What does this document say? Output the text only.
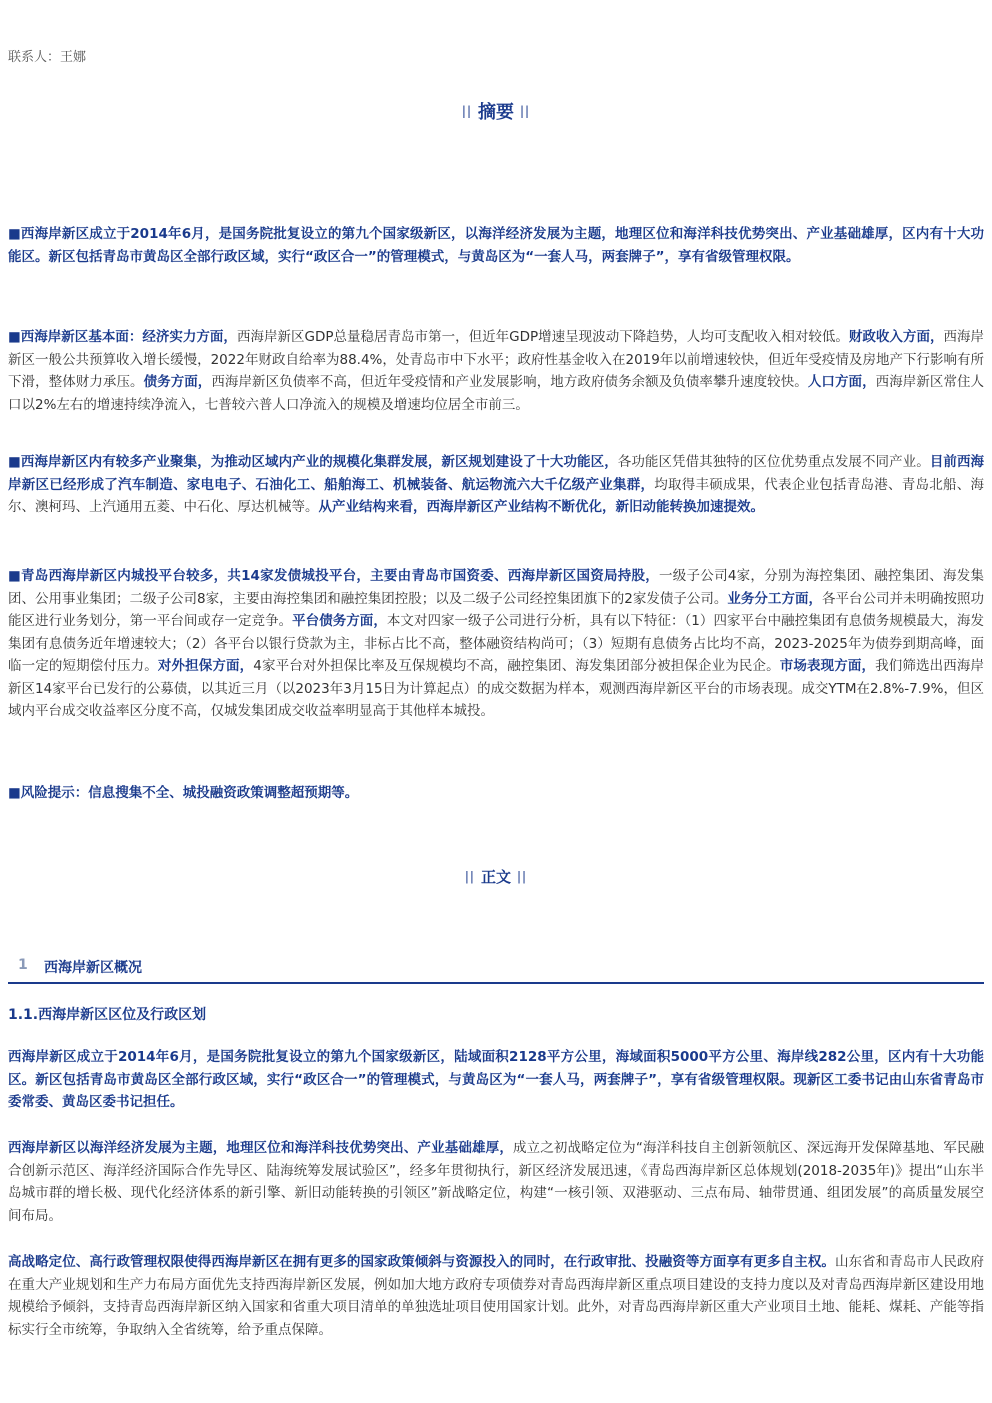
联系人：王娜
|​| 摘要 |​|

■西海岸新区成立于2014年6月，是国务院批复设立的第九个国家级新区，以海洋经济发展为主题，地理区位和海洋科技优势突出、产业基础雄厚，区内有十大功能区。新区包括青岛市黄岛区全部行政区域，实行“政区合一”的管理模式，与黄岛区为“一套人马，两套牌子”，享有省级管理权限。

■西海岸新区基本面：经济实力方面，西海岸新区GDP总量稳居青岛市第一，但近年GDP增速呈现波动下降趋势，人均可支配收入相对较低。财政收入方面，西海岸新区一般公共预算收入增长缓慢，2022年财政自给率为88.4%，处青岛市中下水平；政府性基金收入在2019年以前增速较快，但近年受疫情及房地产下行影响有所下滑，整体财力承压。债务方面，西海岸新区负债率不高，但近年受疫情和产业发展影响，地方政府债务余额及负债率攀升速度较快。人口方面，西海岸新区常住人口以2%左右的增速持续净流入，七普较六普人口净流入的规模及增速均位居全市前三。

■西海岸新区内有较多产业聚集，为推动区域内产业的规模化集群发展，新区规划建设了十大功能区，各功能区凭借其独特的区位优势重点发展不同产业。目前西海岸新区已经形成了汽车制造、家电电子、石油化工、船舶海工、机械装备、航运物流六大千亿级产业集群，均取得丰硕成果，代表企业包括青岛港、青岛北船、海尔、澳柯玛、上汽通用五菱、中石化、厚达机械等。从产业结构来看，西海岸新区产业结构不断优化，新旧动能转换加速提效。

■青岛西海岸新区内城投平台较多，共14家发债城投平台，主要由青岛市国资委、西海岸新区国资局持股，一级子公司4家，分别为海控集团、融控集团、海发集团、公用事业集团；二级子公司8家，主要由海控集团和融控集团控股；以及二级子公司经控集团旗下的2家发债子公司。业务分工方面，各平台公司并未明确按照功能区进行业务划分，第一平台间或存一定竞争。平台债务方面，本文对四家一级子公司进行分析，具有以下特征：（1）四家平台中融控集团有息债务规模最大，海发集团有息债务近年增速较大；（2）各平台以银行贷款为主，非标占比不高，整体融资结构尚可；（3）短期有息债务占比均不高，2023-2025年为债券到期高峰，面临一定的短期偿付压力。对外担保方面，4家平台对外担保比率及互保规模均不高，融控集团、海发集团部分被担保企业为民企。市场表现方面，我们筛选出西海岸新区14家平台已发行的公募债，以其近三月（以2023年3月15日为计算起点）的成交数据为样本，观测西海岸新区平台的市场表现。成交YTM在2.8%-7.9%，但区域内平台成交收益率区分度不高，仅城发集团成交收益率明显高于其他样本城投。

■风险提示：信息搜集不全、城投融资政策调整超预期等。

|​| 正文 |​|
1 西海岸新区概况
1.1.西海岸新区区位及行政区划

西海岸新区成立于2014年6月，是国务院批复设立的第九个国家级新区，陆域面积2128平方公里，海域面积5000平方公里、海岸线282公里，区内有十大功能区。新区包括青岛市黄岛区全部行政区域，实行“政区合一”的管理模式，与黄岛区为“一套人马，两套牌子”，享有省级管理权限。现新区工委书记由山东省青岛市委常委、黄岛区委书记担任。

西海岸新区以海洋经济发展为主题，地理区位和海洋科技优势突出、产业基础雄厚，成立之初战略定位为“海洋科技自主创新领航区、深远海开发保障基地、军民融合创新示范区、海洋经济国际合作先导区、陆海统筹发展试验区”，经多年贯彻执行，新区经济发展迅速，《青岛西海岸新区总体规划(2018-2035年)》提出“山东半岛城市群的增长极、现代化经济体系的新引擎、新旧动能转换的引领区”新战略定位，构建“一核引领、双港驱动、三点布局、轴带贯通、组团发展”的高质量发展空间布局。

高战略定位、高行政管理权限使得西海岸新区在拥有更多的国家政策倾斜与资源投入的同时，在行政审批、投融资等方面享有更多自主权。山东省和青岛市人民政府在重大产业规划和生产力布局方面优先支持西海岸新区发展，例如加大地方政府专项债券对青岛西海岸新区重点项目建设的支持力度以及对青岛西海岸新区建设用地规模给予倾斜，支持青岛西海岸新区纳入国家和省重大项目清单的单独选址项目使用国家计划。此外，对青岛西海岸新区重大产业项目土地、能耗、煤耗、产能等指标实行全市统筹，争取纳入全省统筹，给予重点保障。
